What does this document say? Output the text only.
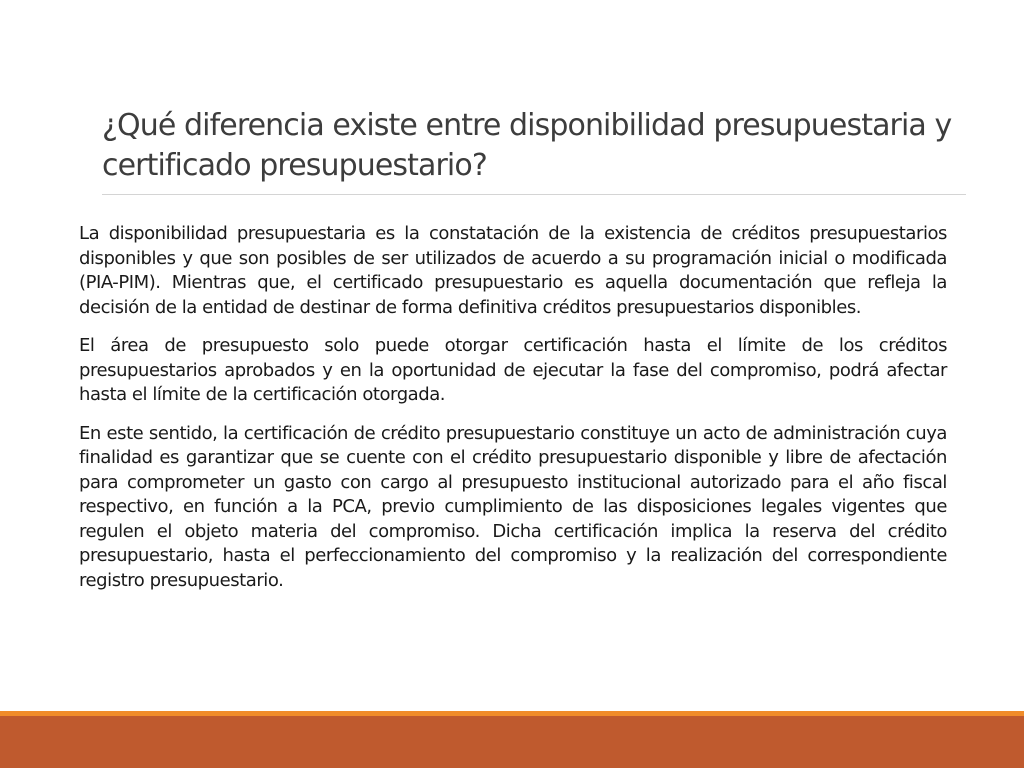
¿Qué diferencia existe entre disponibilidad presupuestaria y certificado presupuestario?

La disponibilidad presupuestaria es la constatación de la existencia de créditos presupuestarios disponibles y que son posibles de ser utilizados de acuerdo a su programación inicial o modificada (PIA-PIM). Mientras que, el certificado presupuestario es aquella documentación que refleja la decisión de la entidad de destinar de forma definitiva créditos presupuestarios disponibles.

El área de presupuesto solo puede otorgar certificación hasta el límite de los créditos presupuestarios aprobados y en la oportunidad de ejecutar la fase del compromiso, podrá afectar hasta el límite de la certificación otorgada.

En este sentido, la certificación de crédito presupuestario constituye un acto de administración cuya finalidad es garantizar que se cuente con el crédito presupuestario disponible y libre de afectación para comprometer un gasto con cargo al presupuesto institucional autorizado para el año fiscal respectivo, en función a la PCA, previo cumplimiento de las disposiciones legales vigentes que regulen el objeto materia del compromiso. Dicha certificación implica la reserva del crédito presupuestario, hasta el perfeccionamiento del compromiso y la realización del correspondiente registro presupuestario.
